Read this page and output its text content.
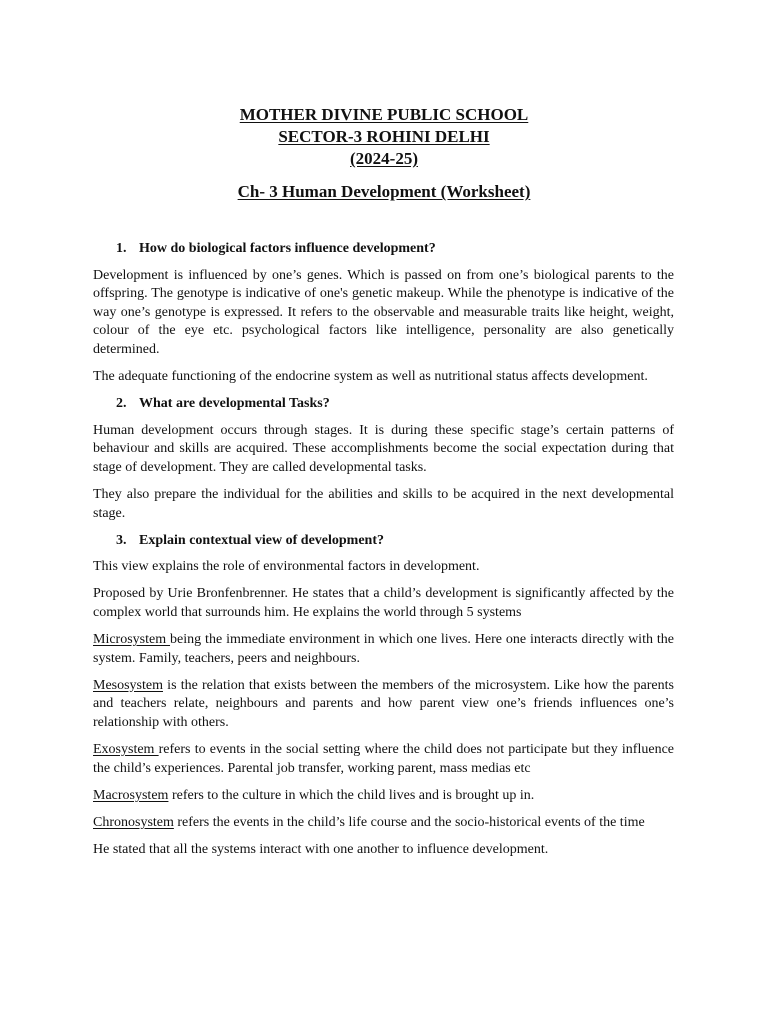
MOTHER DIVINE PUBLIC SCHOOL
SECTOR-3 ROHINI DELHI
(2024-25)
Ch- 3 Human Development (Worksheet)
1. How do biological factors influence development?

Development is influenced by one’s genes. Which is passed on from one’s biological parents to the offspring. The genotype is indicative of one's genetic makeup. While the phenotype is indicative of the way one’s genotype is expressed. It refers to the observable and measurable traits like height, weight, colour of the eye etc. psychological factors like intelligence, personality are also genetically determined.

The adequate functioning of the endocrine system as well as nutritional status affects development.

2. What are developmental Tasks?

Human development occurs through stages. It is during these specific stage’s certain patterns of behaviour and skills are acquired. These accomplishments become the social expectation during that stage of development. They are called developmental tasks.

They also prepare the individual for the abilities and skills to be acquired in the next developmental stage.

3. Explain contextual view of development?

This view explains the role of environmental factors in development.

Proposed by Urie Bronfenbrenner. He states that a child’s development is significantly affected by the complex world that surrounds him. He explains the world through 5 systems

Microsystem being the immediate environment in which one lives. Here one interacts directly with the system. Family, teachers, peers and neighbours.

Mesosystem is the relation that exists between the members of the microsystem. Like how the parents and teachers relate, neighbours and parents and how parent view one’s friends influences one’s relationship with others.

Exosystem refers to events in the social setting where the child does not participate but they influence the child’s experiences. Parental job transfer, working parent, mass medias etc

Macrosystem refers to the culture in which the child lives and is brought up in.

Chronosystem refers the events in the child’s life course and the socio-historical events of the time

He stated that all the systems interact with one another to influence development.
